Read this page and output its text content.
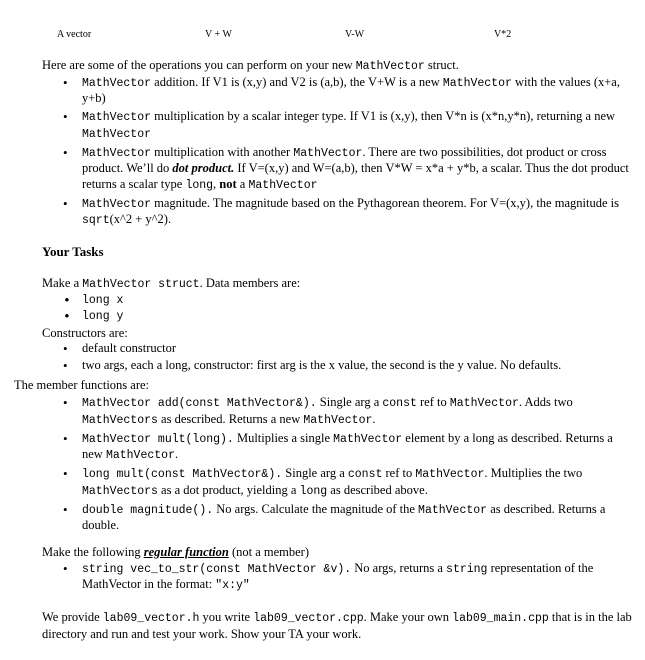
A vector	V + W	V-W	V*2

Here are some of the operations you can perform on your new MathVector struct.

• MathVector addition. If V1 is (x,y) and V2 is (a,b), the V+W is a new MathVector with the values (x+a, y+b)
• MathVector multiplication by a scalar integer type. If V1 is (x,y), then V*n is (x*n,y*n), returning a new MathVector
• MathVector multiplication with another MathVector. There are two possibilities, dot product or cross product. We’ll do dot product. If V=(x,y) and W=(a,b), then V*W = x*a + y*b, a scalar. Thus the dot product returns a scalar type long, not a MathVector
• MathVector magnitude. The magnitude based on the Pythagorean theorem. For V=(x,y), the magnitude is sqrt(x^2 + y^2).
Your Tasks

Make a MathVector struct. Data members are:

• long x
• long y

Constructors are:

• default constructor
• two args, each a long, constructor: first arg is the x value, the second is the y value. No defaults.
The member functions are:
• MathVector add(const MathVector&). Single arg a const ref to MathVector. Adds two MathVectors as described. Returns a new MathVector.
• MathVector mult(long). Multiplies a single MathVector element by a long as described. Returns a new MathVector.
• long mult(const MathVector&). Single arg a const ref to MathVector. Multiplies the two MathVectors as a dot product, yielding a long as described above.
• double magnitude(). No args. Calculate the magnitude of the MathVector as described. Returns a double.

Make the following regular function (not a member)

• string vec_to_str(const MathVector &v). No args, returns a string representation of the MathVector in the format: "x:y"

We provide lab09_vector.h you write lab09_vector.cpp. Make your own lab09_main.cpp that is in the lab directory and run and test your work. Show your TA your work.
